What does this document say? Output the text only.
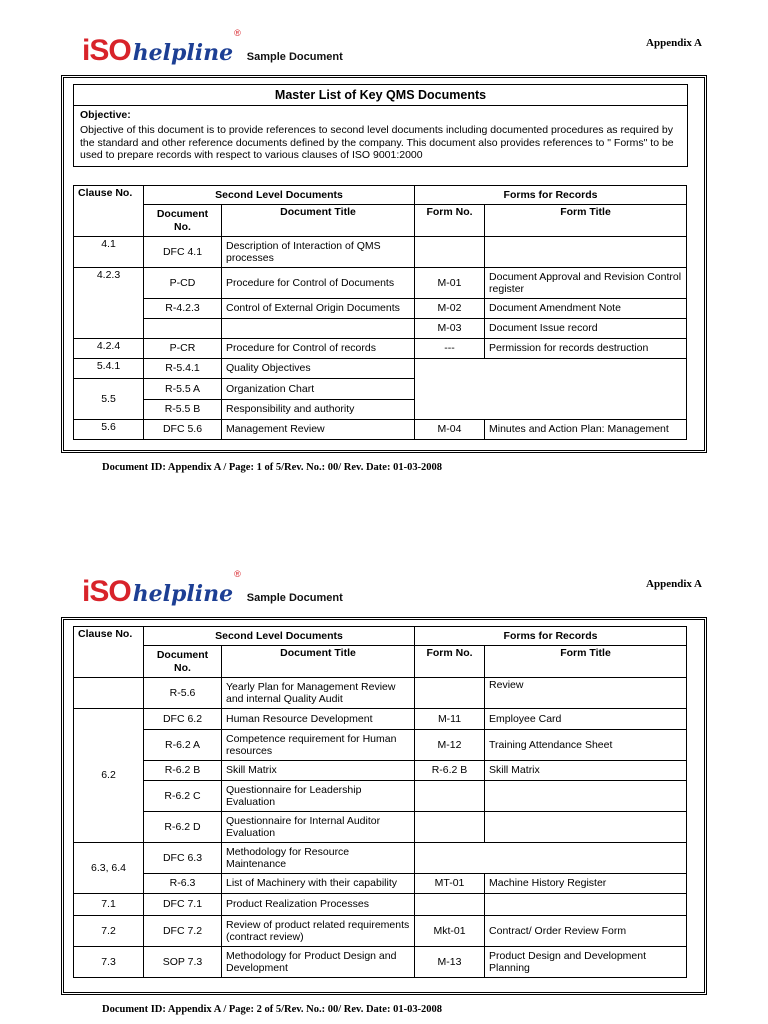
iSO helpline
®
Sample Document
Appendix A
Master List of Key QMS Documents
Objective:
Objective of this document is to provide references to second level documents including documented procedures as required by the standard and other reference documents defined by the company. This document also provides references to " Forms" to be used to prepare records with respect to various clauses of ISO 9001:2000
Clause No.	Second Level Documents		Forms for Records	
	Document No.	Document Title	Form No.	Form Title
4.1	DFC 4.1	Description of Interaction of QMS processes		
4.2.3	P-CD	Procedure for Control of Documents	M-01	Document Approval and Revision Control register
	R-4.2.3	Control of External Origin Documents	M-02	Document Amendment Note
			M-03	Document Issue record
4.2.4	P-CR	Procedure for Control of records	---	Permission for records destruction
5.4.1	R-5.4.1	Quality Objectives		
5.5	R-5.5 A	Organization Chart		
	R-5.5 B	Responsibility and authority		
5.6	DFC 5.6	Management Review	M-04	Minutes and Action Plan: Management
Document ID: Appendix A / Page: 1 of 5/Rev. No.: 00/ Rev. Date: 01-03-2008
iSO helpline
®
Sample Document
Appendix A
Clause No.	Second Level Documents		Forms for Records	
	Document No.	Document Title	Form No.	Form Title
	R-5.6	Yearly Plan for Management Review and internal Quality Audit		Review
6.2	DFC 6.2	Human Resource Development	M-11	Employee Card
	R-6.2 A	Competence requirement for Human resources	M-12	Training Attendance Sheet
	R-6.2 B	Skill Matrix	R-6.2 B	Skill Matrix
	R-6.2 C	Questionnaire for Leadership Evaluation		
	R-6.2 D	Questionnaire for Internal Auditor Evaluation		
6.3, 6.4	DFC 6.3	Methodology for Resource Maintenance		
	R-6.3	List of Machinery with their capability	MT-01	Machine History Register
7.1	DFC 7.1	Product Realization Processes		
7.2	DFC 7.2	Review of product related requirements (contract review)	Mkt-01	Contract/ Order Review Form
7.3	SOP 7.3	Methodology for Product Design and Development	M-13	Product Design and Development Planning
Document ID: Appendix A / Page: 2 of 5/Rev. No.: 00/ Rev. Date: 01-03-2008
